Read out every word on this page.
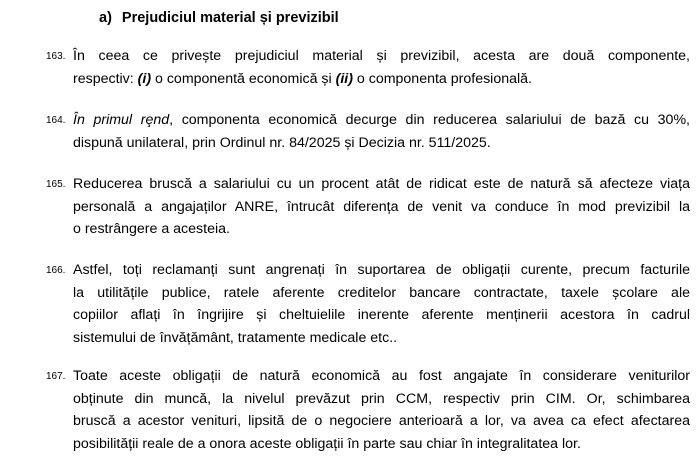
a) Prejudiciul material și previzibil
163. În ceea ce privește prejudiciul material și previzibil, acesta are două componente,
respectiv: (i) o componentă economică și (ii) o componenta profesională.
164. În primul rȩnd, componenta economică decurge din reducerea salariului de bază cu 30%,
dispună unilateral, prin Ordinul nr. 84/2025 și Decizia nr. 511/2025.
165. Reducerea bruscă a salariului cu un procent atât de ridicat este de natură să afecteze viața
personală a angajaților ANRE, întrucât diferența de venit va conduce în mod previzibil la
o restrângere a acesteia.
166. Astfel, toți reclamanți sunt angrenați în suportarea de obligații curente, precum facturile
la utilitățile publice, ratele aferente creditelor bancare contractate, taxele școlare ale
copiilor aflați în îngrijire și cheltuielile inerente aferente menținerii acestora în cadrul
sistemului de învățământ, tratamente medicale etc..
167. Toate aceste obligații de natură economică au fost angajate în considerare veniturilor
obținute din muncă, la nivelul prevăzut prin CCM, respectiv prin CIM. Or, schimbarea
bruscă a acestor venituri, lipsită de o negociere anterioară a lor, va avea ca efect afectarea
posibilității reale de a onora aceste obligații în parte sau chiar în integralitatea lor.
